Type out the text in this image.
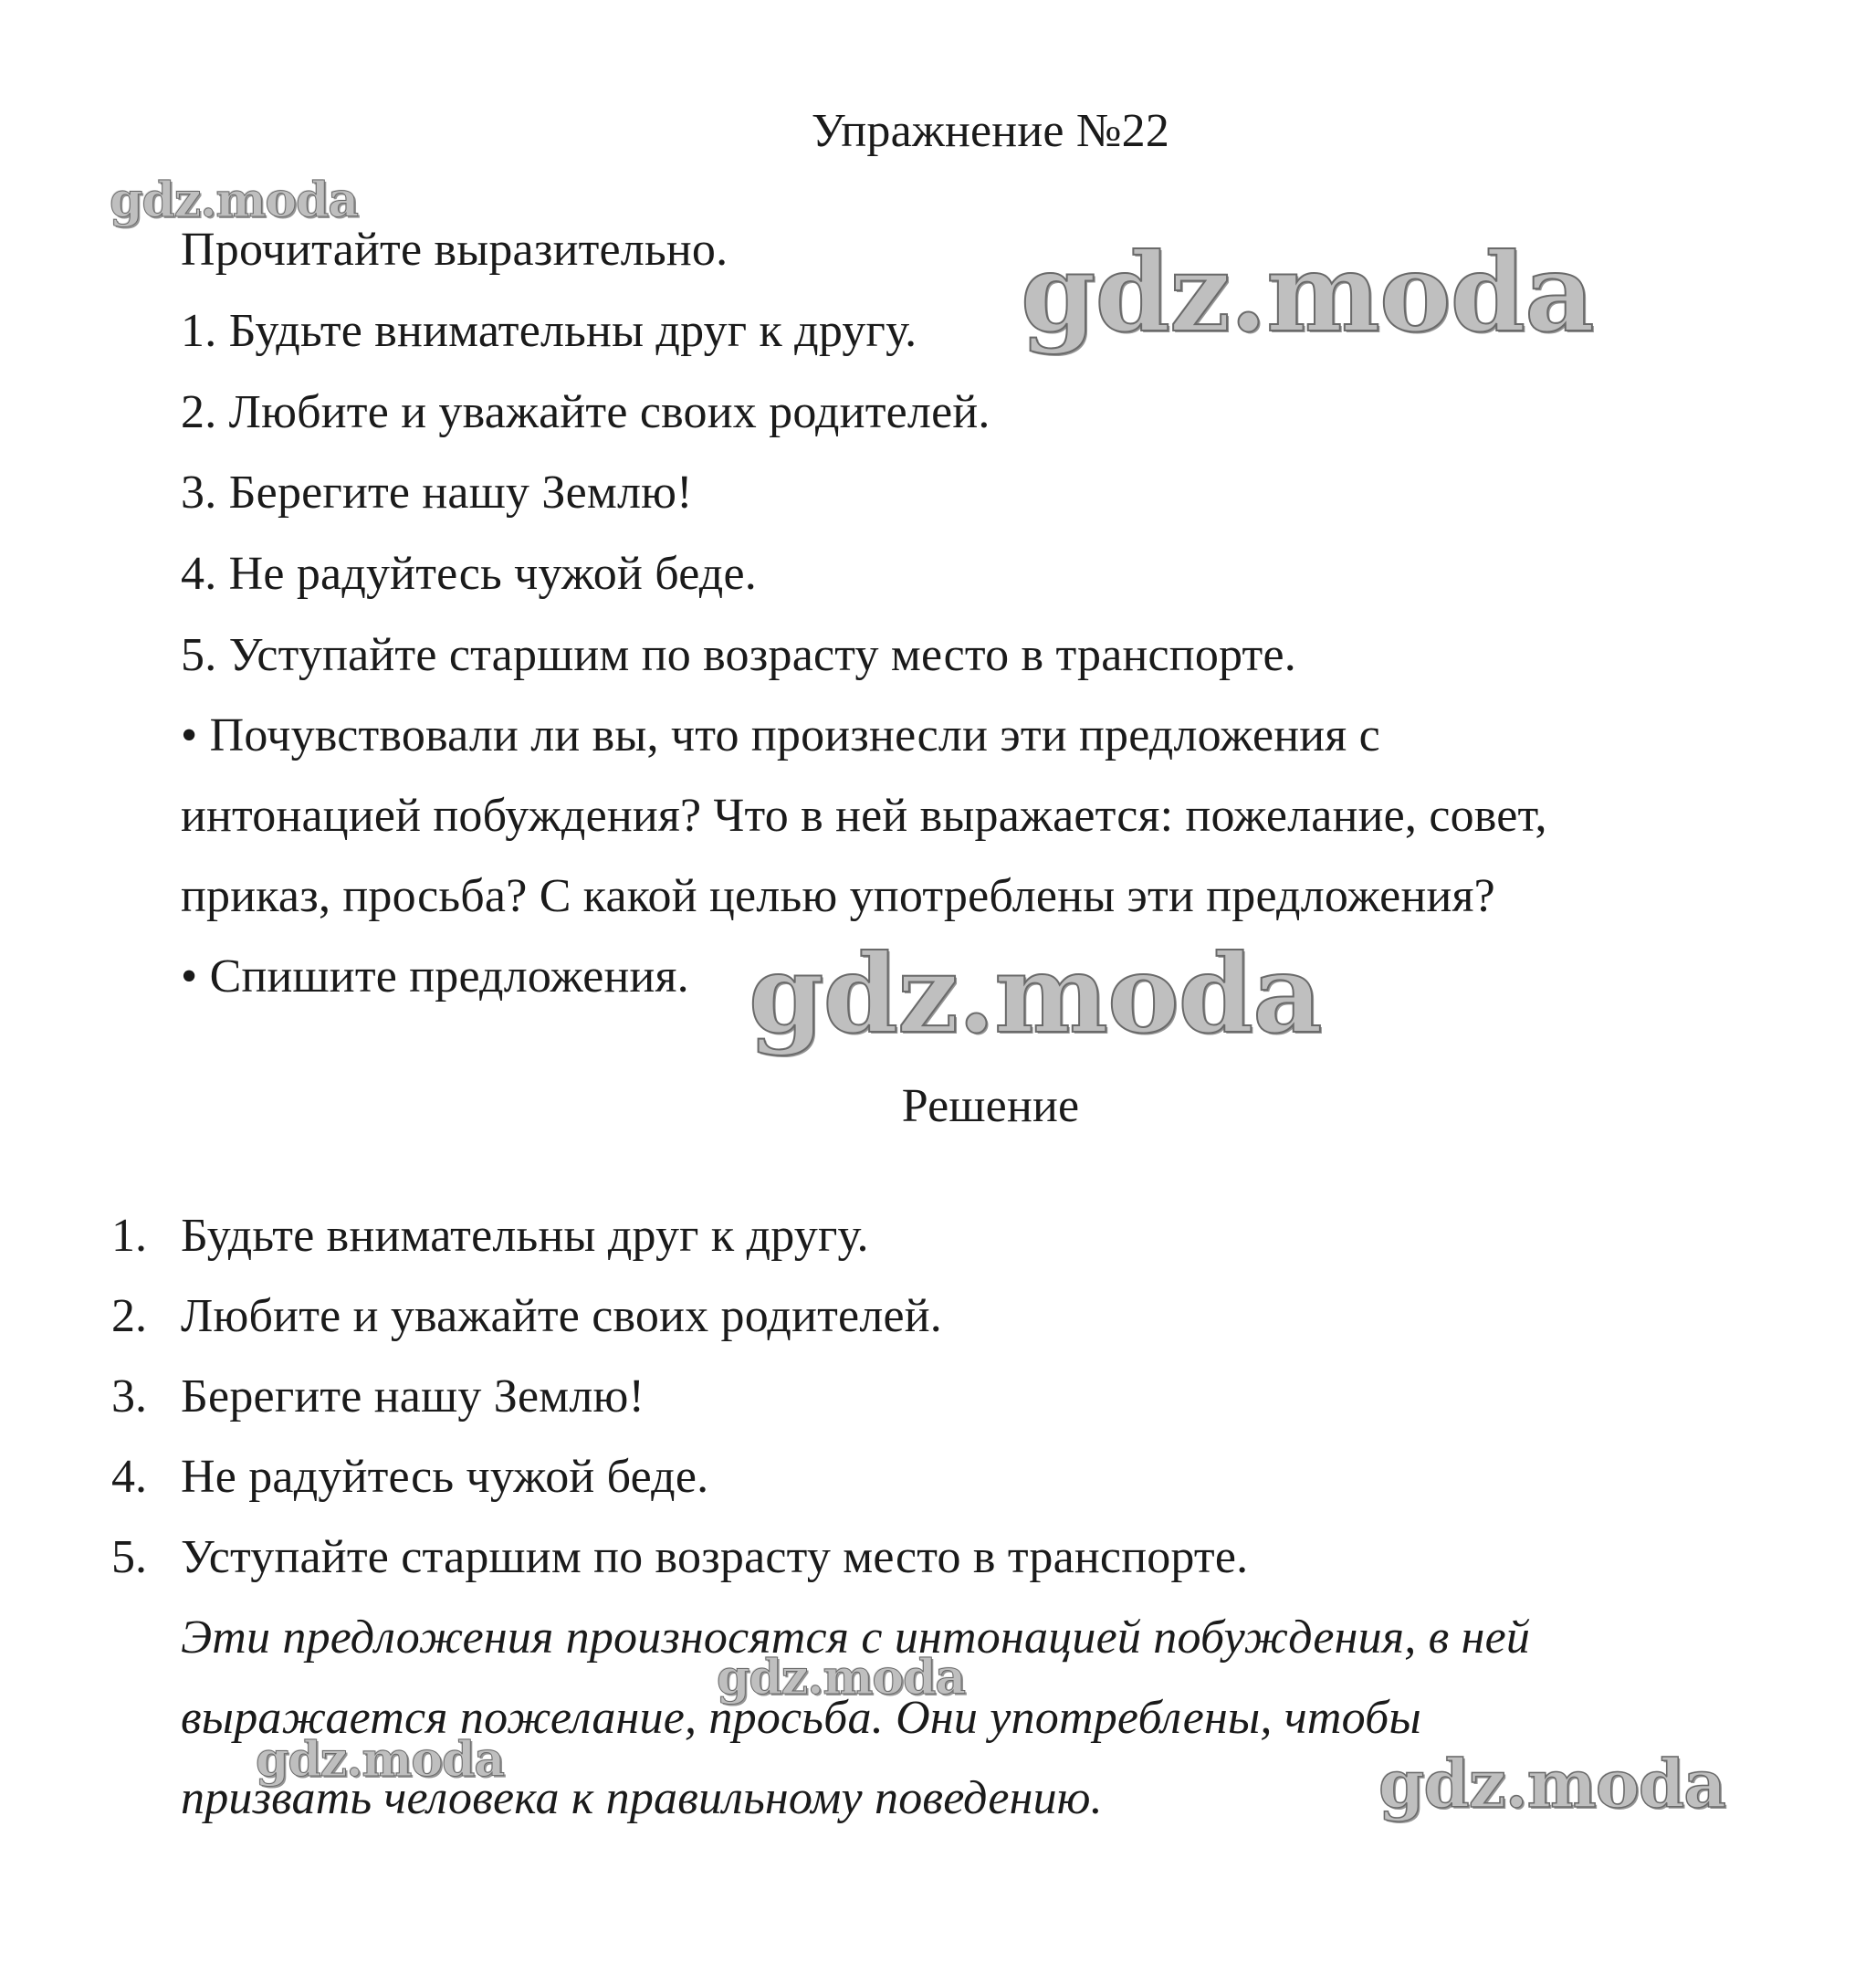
Упражнение №22
Прочитайте выразительно.
1. Будьте внимательны друг к другу.
2. Любите и уважайте своих родителей.
3. Берегите нашу Землю!
4. Не радуйтесь чужой беде.
5. Уступайте старшим по возрасту место в транспорте.
• Почувствовали ли вы, что произнесли эти предложения с
интонацией побуждения? Что в ней выражается: пожелание, совет,
приказ, просьба? С какой целью употреблены эти предложения?
• Спишите предложения.
Решение
1. Будьте внимательны друг к другу.
2. Любите и уважайте своих родителей.
3. Берегите нашу Землю!
4. Не радуйтесь чужой беде.
5. Уступайте старшим по возрасту место в транспорте.
Эти предложения произносятся с интонацией побуждения, в ней
выражается пожелание, просьба. Они употреблены, чтобы
призвать человека к правильному поведению.
gdz.moda
gdz.moda
gdz.moda
gdz.moda
gdz.moda	gdz.moda
